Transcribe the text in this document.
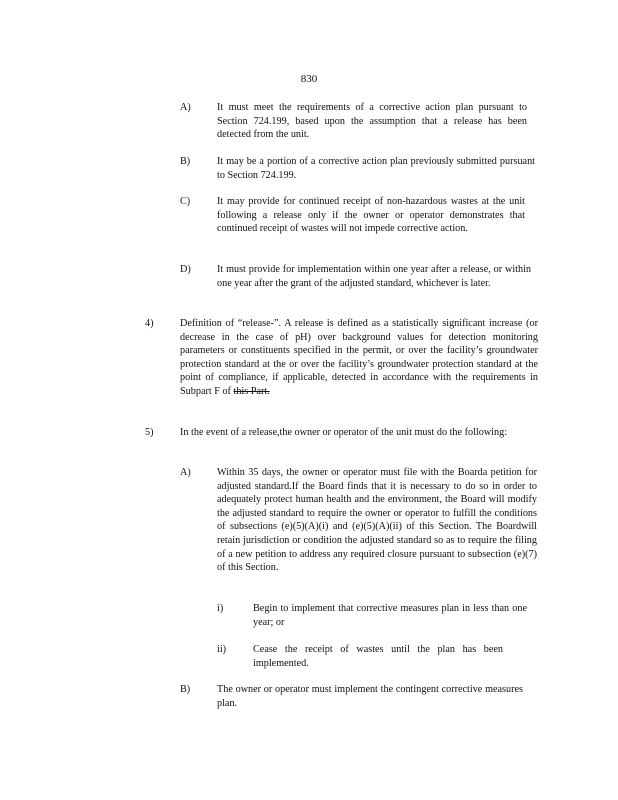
830
A)	It must meet the requirements of a corrective action plan pursuant to Section 724.199, based upon the assumption that a release has been detected from the unit.
B)	It may be a portion of a corrective action plan previously submitted pursuant to Section 724.199.
C)	It may provide for continued receipt of non-hazardous wastes at the unit following a release only if the owner or operator demonstrates that continued receipt of wastes will not impede corrective action.
D)	It must provide for implementation within one year after a release, or within one year after the grant of the adjusted standard, whichever is later.
4)	Definition of “release-”. A release is defined as a statistically significant increase (or decrease in the case of pH) over background values for detection monitoring parameters or constituents specified in the permit, or over the facility’s groundwater protection standard at the or over the facility’s groundwater protection standard at the point of compliance, if applicable, detected in accordance with the requirements in Subpart F of this Part.
5)	In the event of a release,the owner or operator of the unit must do the following:
A)	Within 35 days, the owner or operator must file with the Boarda petition for adjusted standard.If the Board finds that it is necessary to do so in order to adequately protect human health and the environment, the Board will modify the adjusted standard to require the owner or operator to fulfill the conditions of subsections (e)(5)(A)(i) and (e)(5)(A)(ii) of this Section. The Boardwill retain jurisdiction or condition the adjusted standard so as to require the filing of a new petition to address any required closure pursuant to subsection (e)(7) of this Section.
i)	Begin to implement that corrective measures plan in less than one year; or
ii)	Cease the receipt of wastes until the plan has been implemented.
B)	The owner or operator must implement the contingent corrective measures plan.
